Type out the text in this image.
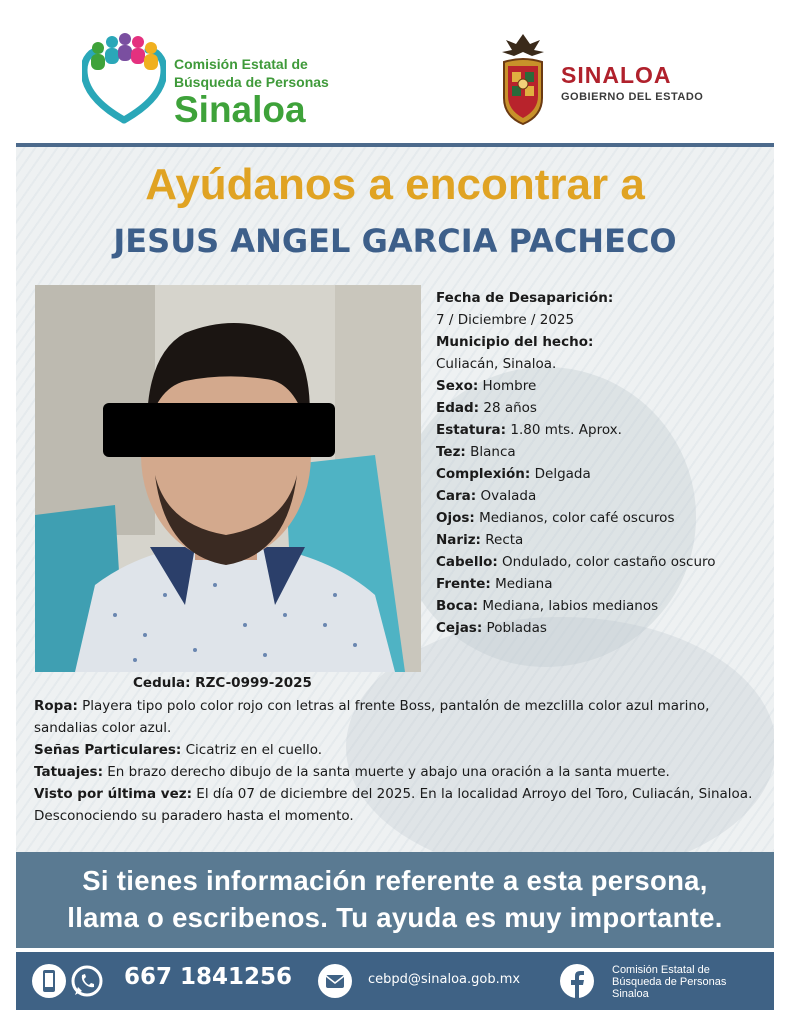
Comisión Estatal de
Búsqueda de Personas
Sinaloa
SINALOA
GOBIERNO DEL ESTADO
Ayúdanos a encontrar a
JESUS ANGEL GARCIA PACHECO
Fecha de Desaparición:
7 / Diciembre / 2025
Municipio del hecho:
Culiacán, Sinaloa.
Sexo: Hombre
Edad: 28 años
Estatura: 1.80 mts. Aprox.
Tez: Blanca
Complexión: Delgada
Cara: Ovalada
Ojos: Medianos, color café oscuros
Nariz: Recta
Cabello: Ondulado, color castaño oscuro
Frente: Mediana
Boca: Mediana, labios medianos
Cejas: Pobladas
Cedula: RZC-0999-2025
Ropa: Playera tipo polo color rojo con letras al frente Boss, pantalón de mezclilla color azul marino, sandalias color azul.
Señas Particulares: Cicatriz en el cuello.
Tatuajes: En brazo derecho dibujo de la santa muerte y abajo una oración a la santa muerte.
Visto por última vez: El día 07 de diciembre del 2025. En la localidad Arroyo del Toro, Culiacán, Sinaloa. Desconociendo su paradero hasta el momento.
Si tienes información referente a esta persona,
llama o escribenos. Tu ayuda es muy importante.
667 1841256	cebpd@sinaloa.gob.mx
Comisión Estatal de
Búsqueda de Personas
Sinaloa
